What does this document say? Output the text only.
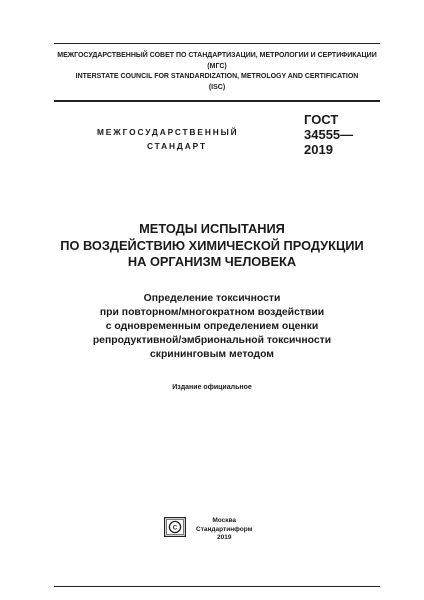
МЕЖГОСУДАРСТВЕННЫЙ СОВЕТ ПО СТАНДАРТИЗАЦИИ, МЕТРОЛОГИИ И СЕРТИФИКАЦИИ
(МГС)
INTERSTATE COUNCIL FOR STANDARDIZATION, METROLOGY AND CERTIFICATION
(ISC)
МЕЖГОСУДАРСТВЕННЫЙ
СТАНДАРТ
ГОСТ
34555—
2019
МЕТОДЫ ИСПЫТАНИЯ
ПО ВОЗДЕЙСТВИЮ ХИМИЧЕСКОЙ ПРОДУКЦИИ
НА ОРГАНИЗМ ЧЕЛОВЕКА
Определение токсичности
при повторном/многократном воздействии
с одновременным определением оценки
репродуктивной/эмбриональной токсичности
скрининговым методом
Издание официальное
C
Москва
Стандартинформ
2019
